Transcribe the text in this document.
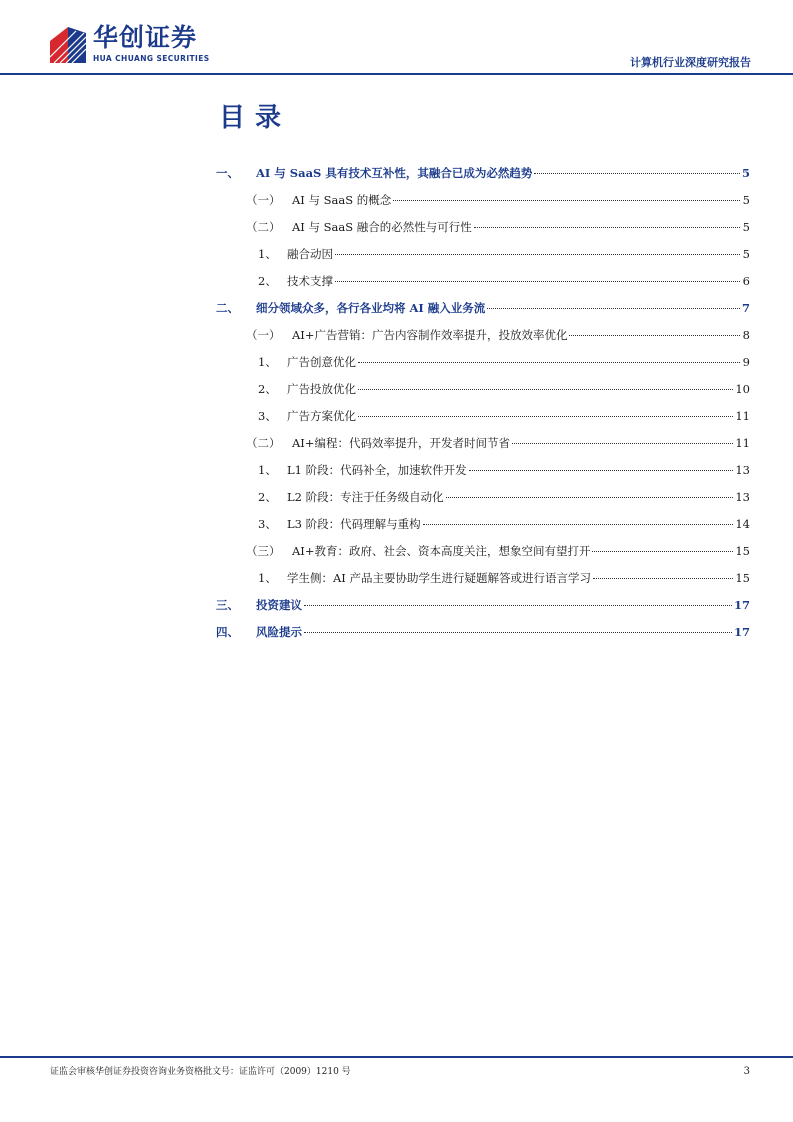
华创证券
HUA CHUANG SECURITIES	计算机行业深度研究报告
目录
一、	AI 与 SaaS 具有技术互补性，其融合已成为必然趋势	5
（一）	AI 与 SaaS 的概念	5
（二）	AI 与 SaaS 融合的必然性与可行性	5
1、 融合动因	5
2、 技术支撑	6
二、	细分领域众多，各行各业均将 AI 融入业务流	7
（一）	AI+广告营销：广告内容制作效率提升，投放效率优化	8
1、 广告创意优化	9
2、 广告投放优化	10
3、 广告方案优化	11
（二）	AI+编程：代码效率提升，开发者时间节省	11
1、 L1 阶段：代码补全，加速软件开发	13
2、 L2 阶段：专注于任务级自动化	13
3、 L3 阶段：代码理解与重构	14
（三）	AI+教育：政府、社会、资本高度关注，想象空间有望打开	15
1、 学生侧：AI 产品主要协助学生进行疑题解答或进行语言学习	15
三、	投资建议	17
四、	风险提示	17
证监会审核华创证券投资咨询业务资格批文号：证监许可（2009）1210 号	3
